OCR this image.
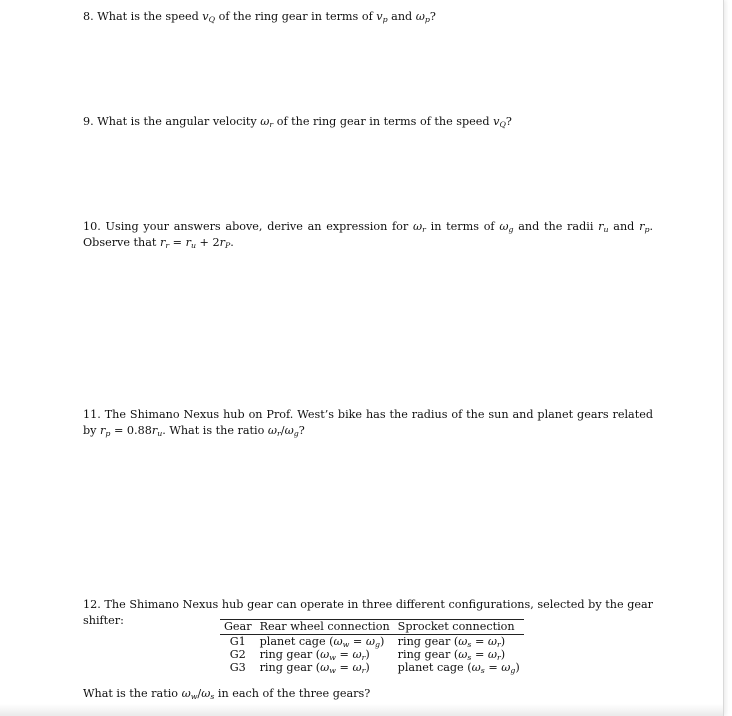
8. What is the speed $v_Q$ of the ring gear in terms of $v_p$ and $\omega_p$?
9. What is the angular velocity $\omega_r$ of the ring gear in terms of the speed $v_Q$?
10. Using your answers above, derive an expression for $\omega_r$ in terms of $\omega_g$ and the radii $r_u$ and $r_p$. Observe that $r_r = r_u + 2r_P$.
11. The Shimano Nexus hub on Prof. West’s bike has the radius of the sun and planet gears related by $r_p = 0.88r_u$. What is the ratio $\omega_r/\omega_g$?
12. The Shimano Nexus hub gear can operate in three different configurations, selected by the gear shifter:	Gear	Rear wheel connection	Sprocket connection
G1	planet cage $(\omega_w = \omega_g)$	ring gear $(\omega_s = \omega_r)$
G2	ring gear $(\omega_w = \omega_r)$	ring gear $(\omega_s = \omega_r)$
G3	ring gear $(\omega_w = \omega_r)$	planet cage $(\omega_s = \omega_g)$
What is the ratio $\omega_w/\omega_s$ in each of the three gears?
